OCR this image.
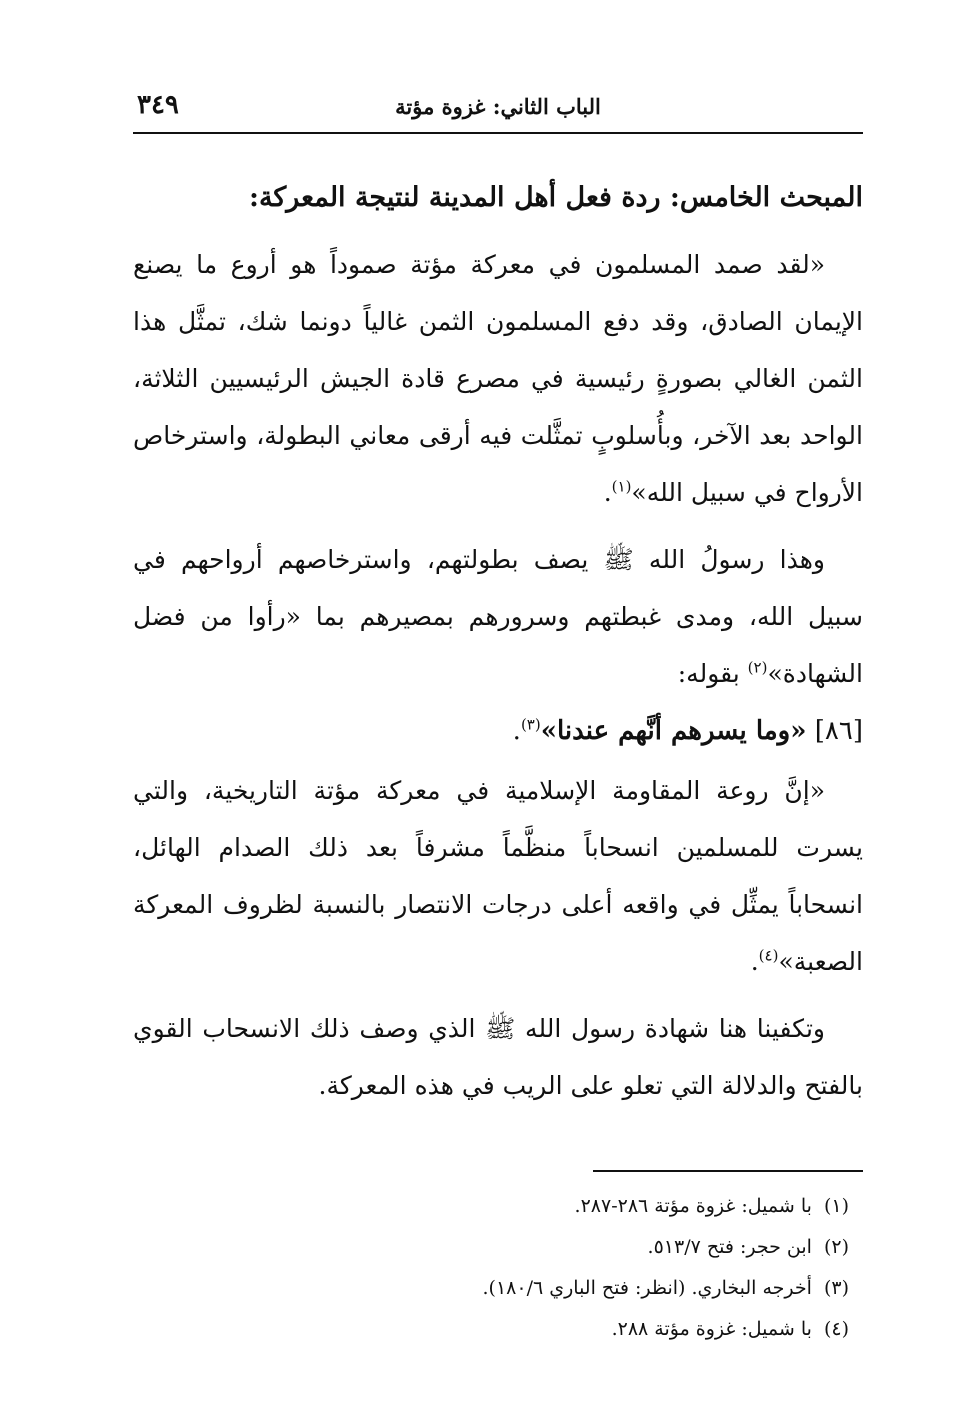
الباب الثاني: غزوة مؤتة
٣٤٩
المبحث الخامس: ردة فعل أهل المدينة لنتيجة المعركة:

«لقد صمد المسلمون في معركة مؤتة صموداً هو أروع ما يصنع الإيمان الصادق، وقد دفع المسلمون الثمن غالياً دونما شك، تمثَّل هذا الثمن الغالي بصورةٍ رئيسية في مصرع قادة الجيش الرئيسيين الثلاثة، الواحد بعد الآخر، وبأُسلوبٍ تمثَّلت فيه أرقى معاني البطولة، واسترخاص الأرواح في سبيل الله»$^{(١)}$.

وهذا رسولُ الله ﷺ يصف بطولتهم، واسترخاصهم أرواحهم في سبيل الله، ومدى غبطتهم وسرورهم بمصيرهم بما «رأوا من فضل الشهادة»$^{(٢)}$ بقوله:

[٨٦] «وما يسرهم أنَّهم عندنا»$^{(٣)}$.

«إنَّ روعة المقاومة الإسلامية في معركة مؤتة التاريخية، والتي يسرت للمسلمين انسحاباً منظَّماً مشرفاً بعد ذلك الصدام الهائل، انسحاباً يمثِّل في واقعه أعلى درجات الانتصار بالنسبة لظروف المعركة الصعبة»$^{(٤)}$.

وتكفينا هنا شهادة رسول الله ﷺ الذي وصف ذلك الانسحاب القوي بالفتح والدلالة التي تعلو على الريب في هذه المعركة.

(١)با شميل: غزوة مؤتة ٢٨٦-٢٨٧.
(٢)ابن حجر: فتح ٥١٣/٧.
(٣)أخرجه البخاري. (انظر: فتح الباري ١٨٠/٦).
(٤)با شميل: غزوة مؤتة ٢٨٨.
